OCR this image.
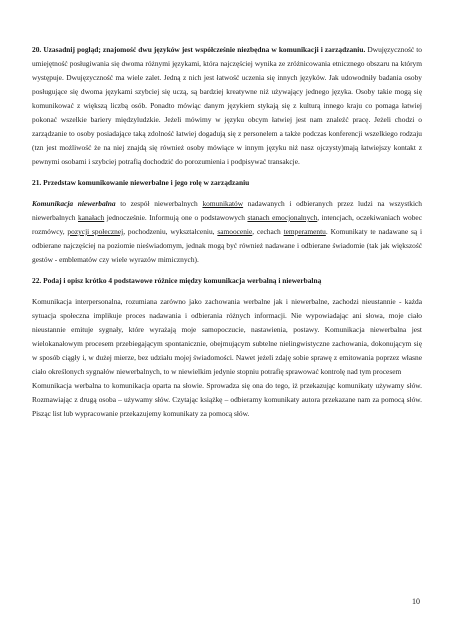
20. Uzasadnij pogląd; znajomość dwu języków jest współcześnie niezbędna w komunikacji i zarządzaniu. Dwujęzyczność to umiejętność posługiwania się dwoma różnymi językami, która najczęściej wynika ze zróżnicowania etnicznego obszaru na którym występuje. Dwujęzyczność ma wiele zalet. Jedną z nich jest łatwość uczenia się innych języków. Jak udowodniły badania osoby posługujące się dwoma językami szybciej się uczą, są bardziej kreatywne niż używający jednego języka. Osoby takie mogą się komunikować z większą liczbą osób. Ponadto mówiąc danym językiem stykają się z kulturą innego kraju co pomaga łatwiej pokonać wszelkie bariery międzyludzkie. Jeżeli mówimy w języku obcym łatwiej jest nam znaleźć pracę. Jeżeli chodzi o zarządzanie to osoby posiadające taką zdolność łatwiej dogadują się z personelem a także podczas konferencji wszelkiego rodzaju (tzn jest możliwość że na niej znajdą się również osoby mówiące w innym języku niż nasz ojczysty)mają łatwiejszy kontakt z pewnymi osobami i szybciej potrafią dochodzić do porozumienia i podpisywać transakcje.

21. Przedstaw komunikowanie niewerbalne i jego rolę w zarządzaniu

Komunikacja niewerbalna to zespół niewerbalnych komunikatów nadawanych i odbieranych przez ludzi na wszystkich niewerbalnych kanałach jednocześnie. Informują one o podstawowych stanach emocjonalnych, intencjach, oczekiwaniach wobec rozmówcy, pozycji społecznej, pochodzeniu, wykształceniu, samoocenie, cechach temperamentu. Komunikaty te nadawane są i odbierane najczęściej na poziomie nieświadomym, jednak mogą być również nadawane i odbierane świadomie (tak jak większość gestów - emblematów czy wiele wyrazów mimicznych).

22. Podaj i opisz krótko 4 podstawowe różnice między komunikacja werbalną i niewerbalną

Komunikacja interpersonalna, rozumiana zarówno jako zachowania werbalne jak i niewerbalne, zachodzi nieustannie - każda sytuacja społeczna implikuje proces nadawania i odbierania różnych informacji. Nie wypowiadając ani słowa, moje ciało nieustannie emituje sygnały, które wyrażają moje samopoczucie, nastawienia, postawy. Komunikacja niewerbalna jest wielokanałowym procesem przebiegającym spontanicznie, obejmującym subtelne nielingwistyczne zachowania, dokonującym się w sposób ciągły i, w dużej mierze, bez udziału mojej świadomości. Nawet jeżeli zdaję sobie sprawę z emitowania poprzez własne ciało określonych sygnałów niewerbalnych, to w niewielkim jedynie stopniu potrafię sprawować kontrolę nad tym procesem

Komunikacja werbalna to komunikacja oparta na słowie. Sprowadza się ona do tego, iż przekazując komunikaty używamy słów. Rozmawiając z drugą osoba – używamy słów. Czytając książkę – odbieramy komunikaty autora przekazane nam za pomocą słów. Pisząc list lub wypracowanie przekazujemy komunikaty za pomocą słów.

10
